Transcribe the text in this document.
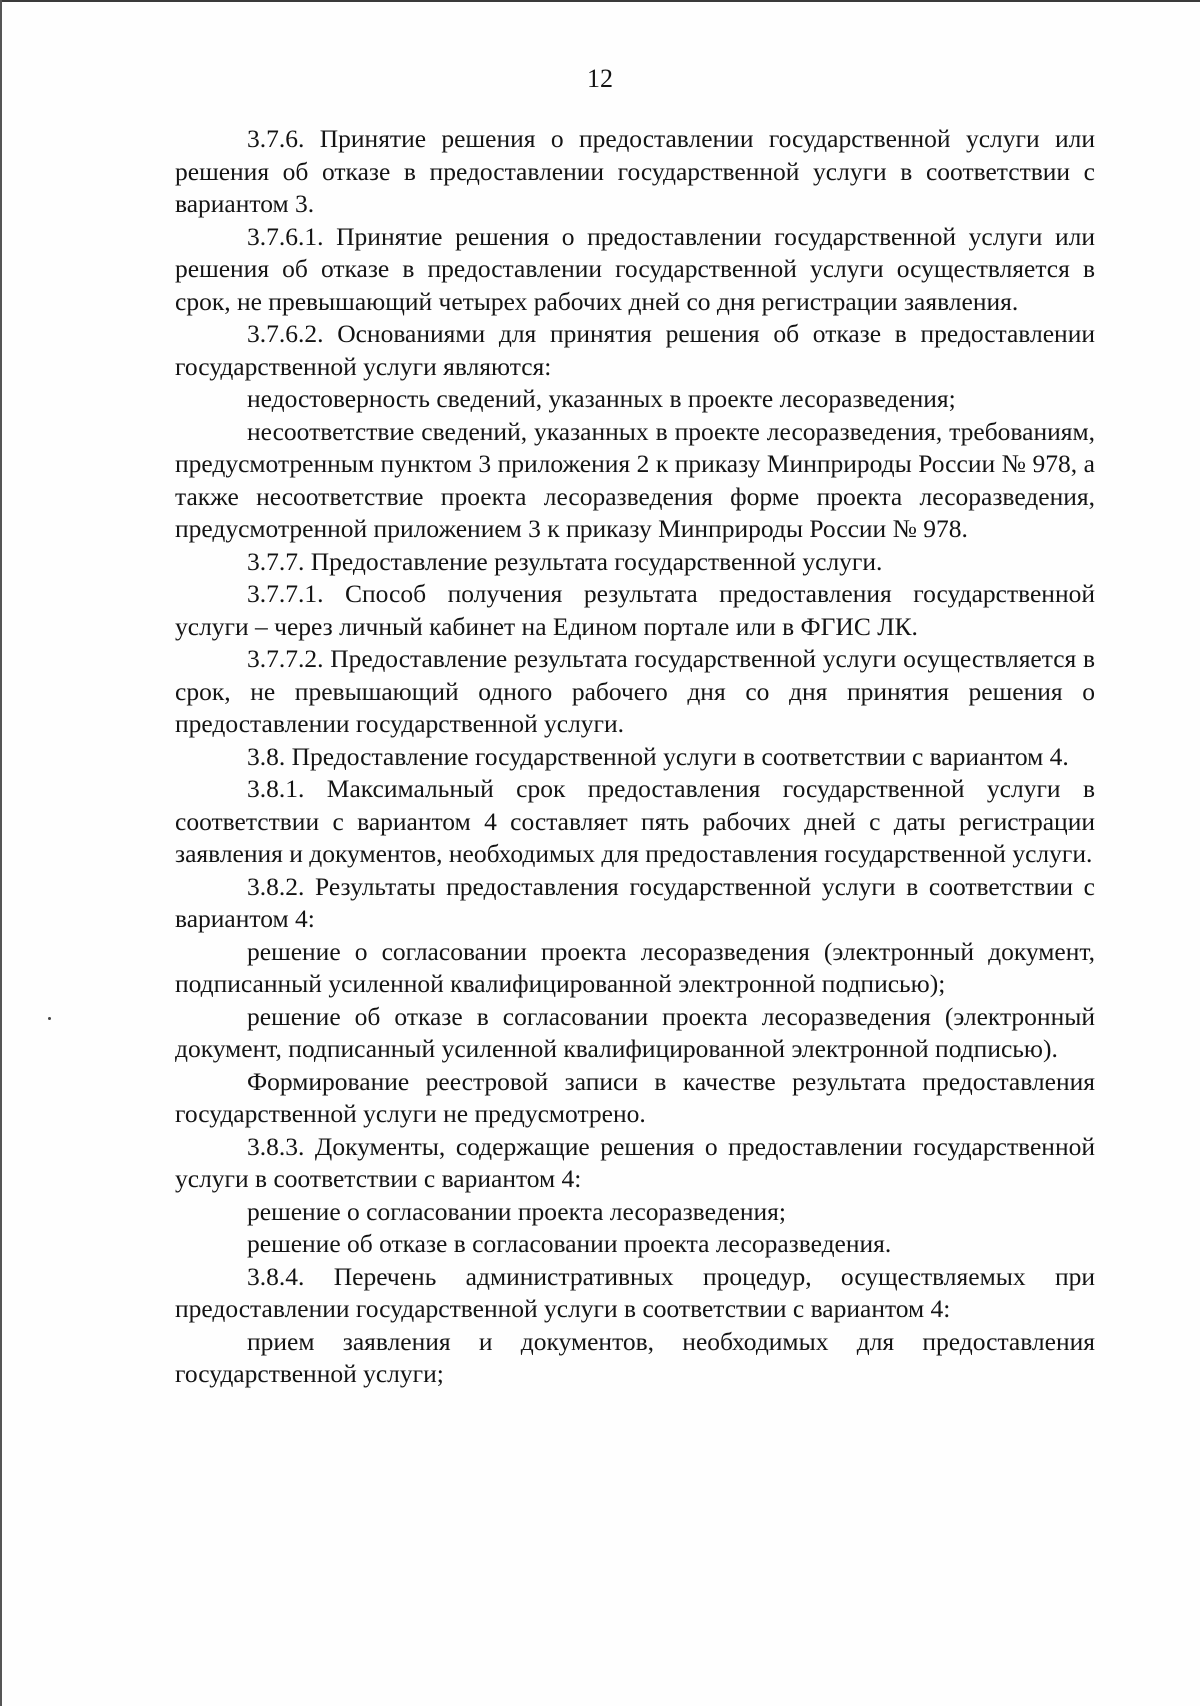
12

3.7.6. Принятие решения о предоставлении государственной услуги или решения об отказе в предоставлении государственной услуги в соответствии с вариантом 3.

3.7.6.1. Принятие решения о предоставлении государственной услуги или решения об отказе в предоставлении государственной услуги осуществляется в срок, не превышающий четырех рабочих дней со дня регистрации заявления.

3.7.6.2. Основаниями для принятия решения об отказе в предоставлении государственной услуги являются:

недостоверность сведений, указанных в проекте лесоразведения;

несоответствие сведений, указанных в проекте лесоразведения, требованиям, предусмотренным пунктом 3 приложения 2 к приказу Минприроды России № 978, а также несоответствие проекта лесоразведения форме проекта лесоразведения, предусмотренной приложением 3 к приказу Минприроды России № 978.

3.7.7. Предоставление результата государственной услуги.

3.7.7.1. Способ получения результата предоставления государственной услуги – через личный кабинет на Едином портале или в ФГИС ЛК.

3.7.7.2. Предоставление результата государственной услуги осуществляется в срок, не превышающий одного рабочего дня со дня принятия решения о предоставлении государственной услуги.

3.8. Предоставление государственной услуги в соответствии с вариантом 4.

3.8.1. Максимальный срок предоставления государственной услуги в соответствии с вариантом 4 составляет пять рабочих дней с даты регистрации заявления и документов, необходимых для предоставления государственной услуги.

3.8.2. Результаты предоставления государственной услуги в соответствии с вариантом 4:

решение о согласовании проекта лесоразведения (электронный документ, подписанный усиленной квалифицированной электронной подписью);

решение об отказе в согласовании проекта лесоразведения (электронный документ, подписанный усиленной квалифицированной электронной подписью).

Формирование реестровой записи в качестве результата предоставления государственной услуги не предусмотрено.

3.8.3. Документы, содержащие решения о предоставлении государственной услуги в соответствии с вариантом 4:

решение о согласовании проекта лесоразведения;

решение об отказе в согласовании проекта лесоразведения.

3.8.4. Перечень административных процедур, осуществляемых при предоставлении государственной услуги в соответствии с вариантом 4:

прием заявления и документов, необходимых для предоставления государственной услуги;
